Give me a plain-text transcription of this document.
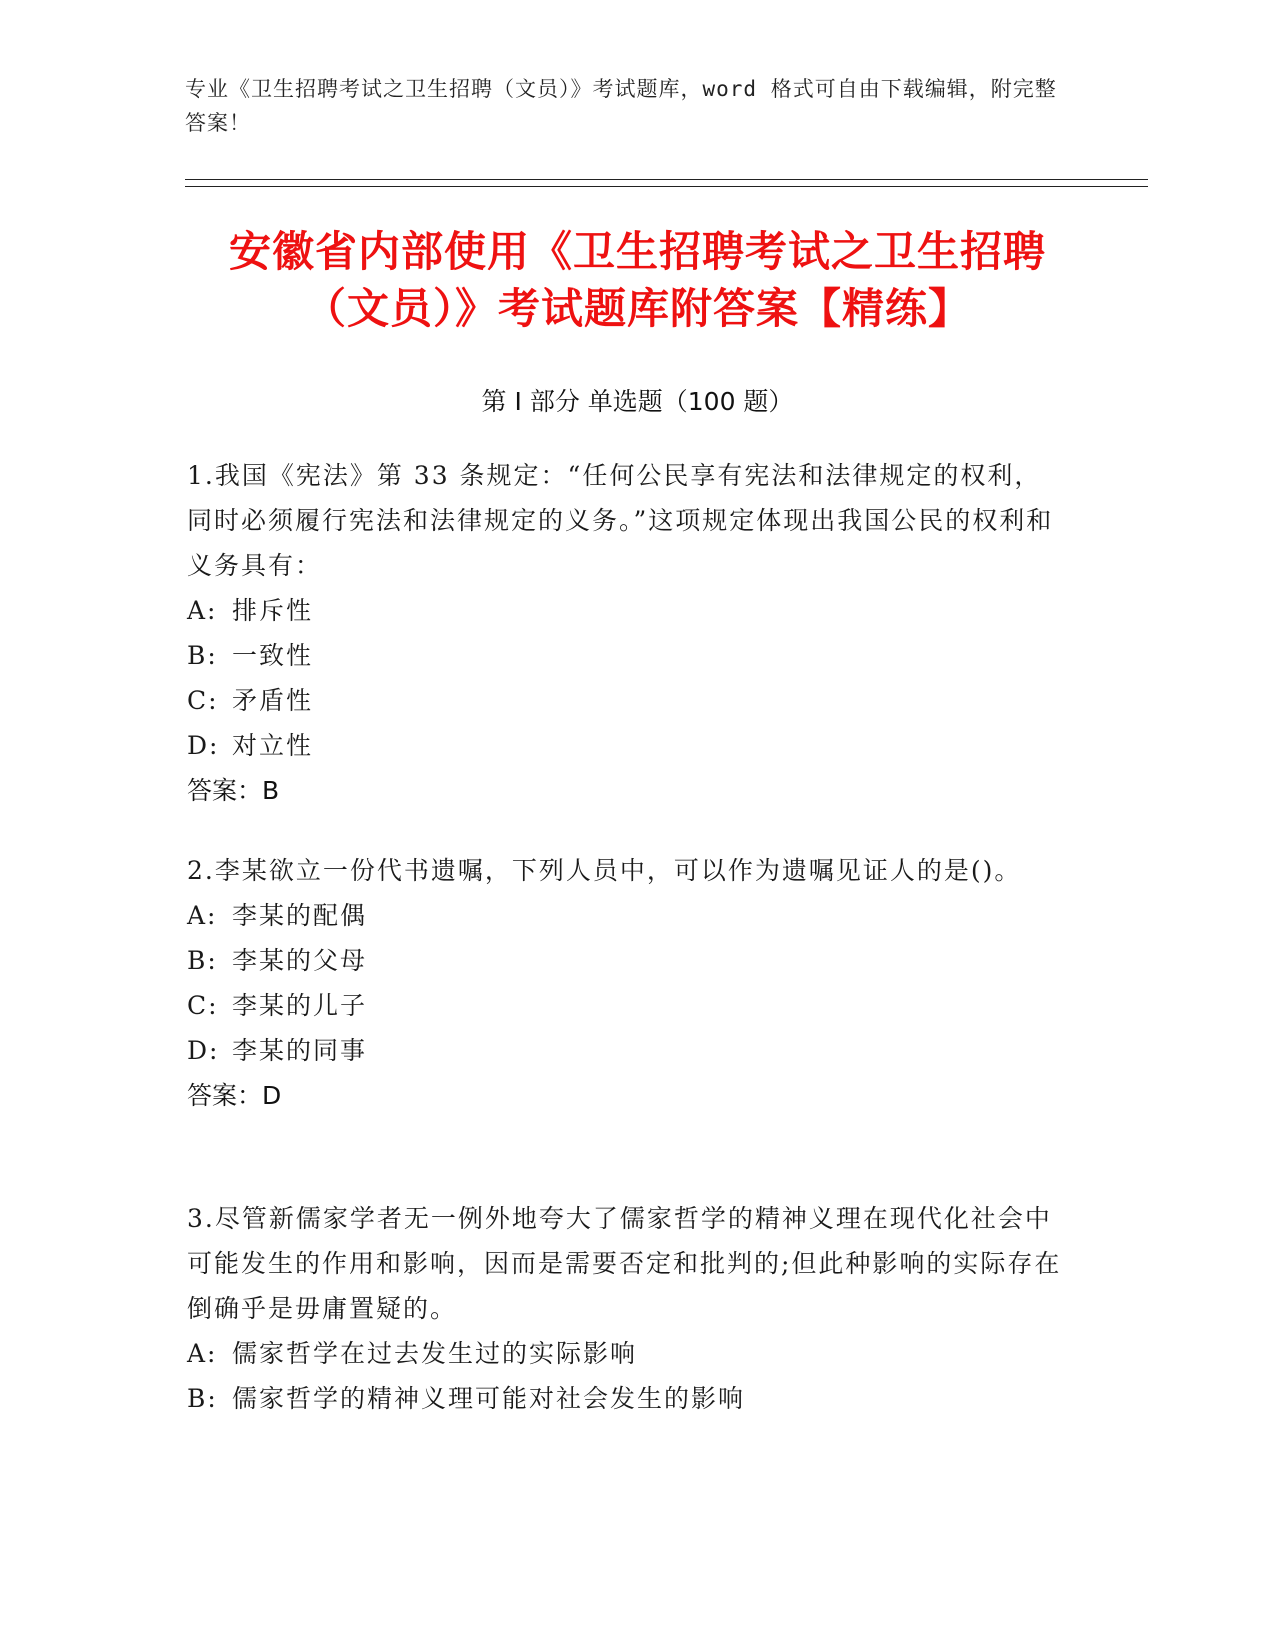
专业《卫生招聘考试之卫生招聘（文员）》考试题库，word 格式可自由下载编辑，附完整答案！
安徽省内部使用《卫生招聘考试之卫生招聘
（文员）》考试题库附答案【精练】
第 I 部分 单选题（100 题）
1.我国《宪法》第 33 条规定：“任何公民享有宪法和法律规定的权利，同时必须履行宪法和法律规定的义务。”这项规定体现出我国公民的权利和义务具有：
A: 排斥性
B: 一致性
C: 矛盾性
D: 对立性
答案：B
2.李某欲立一份代书遗嘱，下列人员中，可以作为遗嘱见证人的是()。
A: 李某的配偶
B: 李某的父母
C: 李某的儿子
D: 李某的同事
答案：D
3.尽管新儒家学者无一例外地夸大了儒家哲学的精神义理在现代化社会中可能发生的作用和影响，因而是需要否定和批判的;但此种影响的实际存在倒确乎是毋庸置疑的。
A: 儒家哲学在过去发生过的实际影响
B: 儒家哲学的精神义理可能对社会发生的影响
